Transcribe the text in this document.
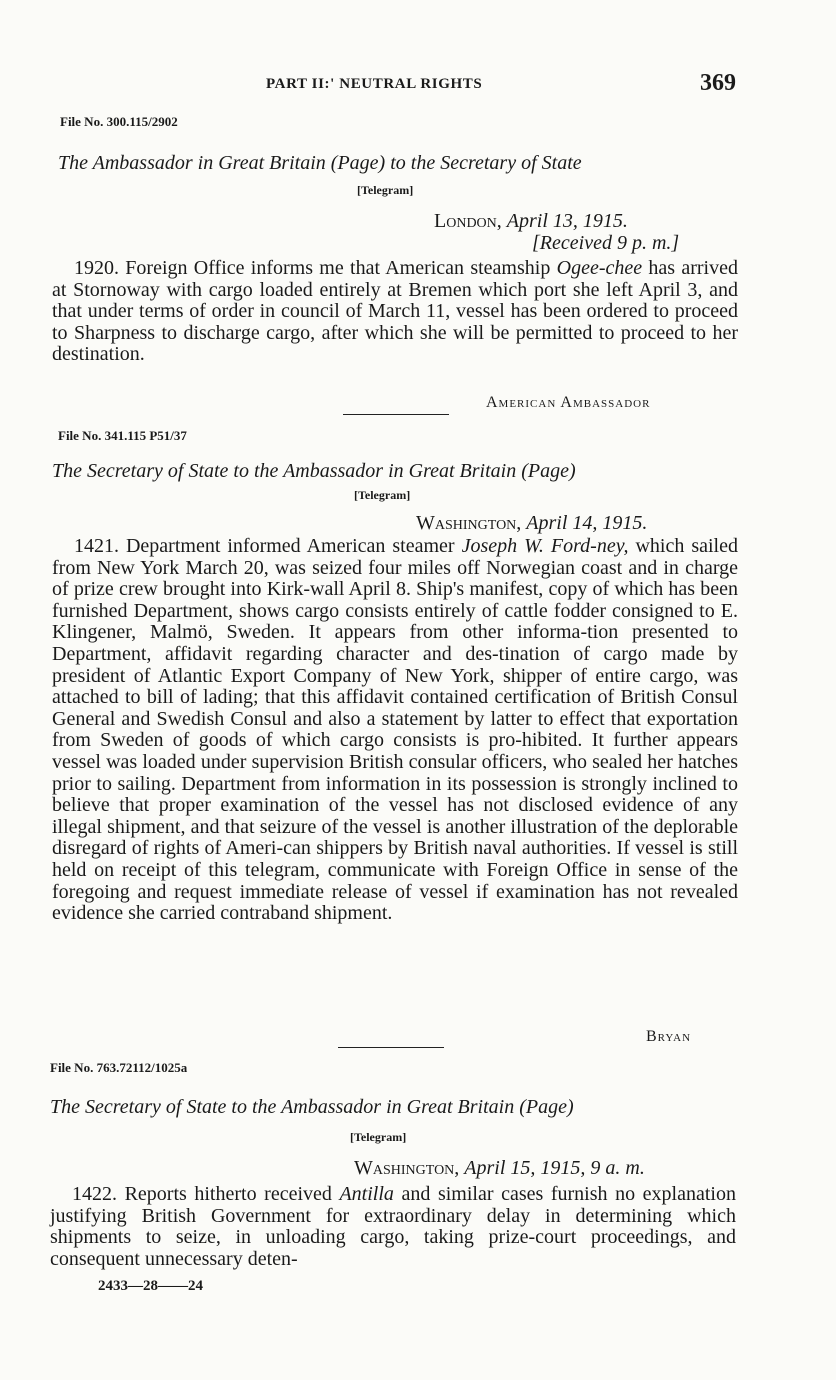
PART II:' NEUTRAL RIGHTS	369
File No. 300.115/2902
The Ambassador in Great Britain (Page) to the Secretary of State
[Telegram]
London, April 13, 1915.
[Received 9 p. m.]

1920. Foreign Office informs me that American steamship Ogee-chee has arrived at Stornoway with cargo loaded entirely at Bremen which port she left April 3, and that under terms of order in council of March 11, vessel has been ordered to proceed to Sharpness to discharge cargo, after which she will be permitted to proceed to her destination.

American Ambassador
File No. 341.115 P51/37
The Secretary of State to the Ambassador in Great Britain (Page)
[Telegram]
Washington, April 14, 1915.

1421. Department informed American steamer Joseph W. Ford-ney, which sailed from New York March 20, was seized four miles off Norwegian coast and in charge of prize crew brought into Kirk-wall April 8. Ship's manifest, copy of which has been furnished Department, shows cargo consists entirely of cattle fodder consigned to E. Klingener, Malmö, Sweden. It appears from other informa-tion presented to Department, affidavit regarding character and des-tination of cargo made by president of Atlantic Export Company of New York, shipper of entire cargo, was attached to bill of lading; that this affidavit contained certification of British Consul General and Swedish Consul and also a statement by latter to effect that exportation from Sweden of goods of which cargo consists is pro-hibited. It further appears vessel was loaded under supervision British consular officers, who sealed her hatches prior to sailing. Department from information in its possession is strongly inclined to believe that proper examination of the vessel has not disclosed evidence of any illegal shipment, and that seizure of the vessel is another illustration of the deplorable disregard of rights of Ameri-can shippers by British naval authorities. If vessel is still held on receipt of this telegram, communicate with Foreign Office in sense of the foregoing and request immediate release of vessel if examination has not revealed evidence she carried contraband shipment.

Bryan
File No. 763.72112/1025a
The Secretary of State to the Ambassador in Great Britain (Page)
[Telegram]
Washington, April 15, 1915, 9 a. m.

1422. Reports hitherto received Antilla and similar cases furnish no explanation justifying British Government for extraordinary delay in determining which shipments to seize, in unloading cargo, taking prize-court proceedings, and consequent unnecessary deten-

2433—28——24
